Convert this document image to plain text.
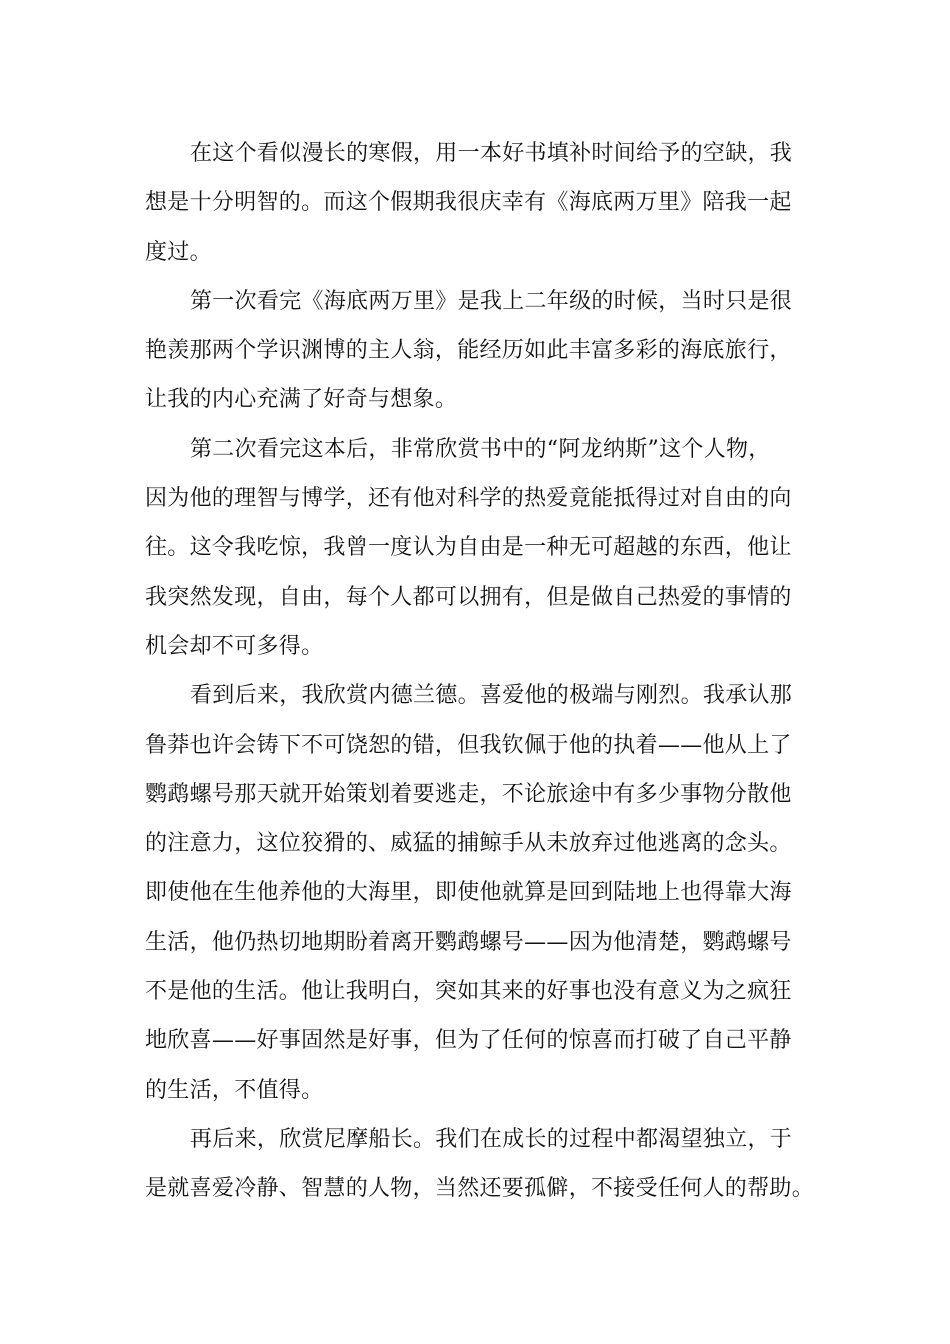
在这个看似漫长的寒假，用一本好书填补时间给予的空缺，我
想是十分明智的。而这个假期我很庆幸有《海底两万里》陪我一起
度过。
第一次看完《海底两万里》是我上二年级的时候，当时只是很
艳羡那两个学识渊博的主人翁，能经历如此丰富多彩的海底旅行，
让我的内心充满了好奇与想象。
第二次看完这本后，非常欣赏书中的“阿龙纳斯”这个人物，
因为他的理智与博学，还有他对科学的热爱竟能抵得过对自由的向
往。这令我吃惊，我曾一度认为自由是一种无可超越的东西，他让
我突然发现，自由，每个人都可以拥有，但是做自己热爱的事情的
机会却不可多得。
看到后来，我欣赏内德兰德。喜爱他的极端与刚烈。我承认那
鲁莽也许会铸下不可饶恕的错，但我钦佩于他的执着——他从上了
鹦鹉螺号那天就开始策划着要逃走，不论旅途中有多少事物分散他
的注意力，这位狡猾的、威猛的捕鲸手从未放弃过他逃离的念头。
即使他在生他养他的大海里，即使他就算是回到陆地上也得靠大海
生活，他仍热切地期盼着离开鹦鹉螺号——因为他清楚，鹦鹉螺号
不是他的生活。他让我明白，突如其来的好事也没有意义为之疯狂
地欣喜——好事固然是好事，但为了任何的惊喜而打破了自己平静
的生活，不值得。
再后来，欣赏尼摩船长。我们在成长的过程中都渴望独立，于
是就喜爱冷静、智慧的人物，当然还要孤僻，不接受任何人的帮助。
